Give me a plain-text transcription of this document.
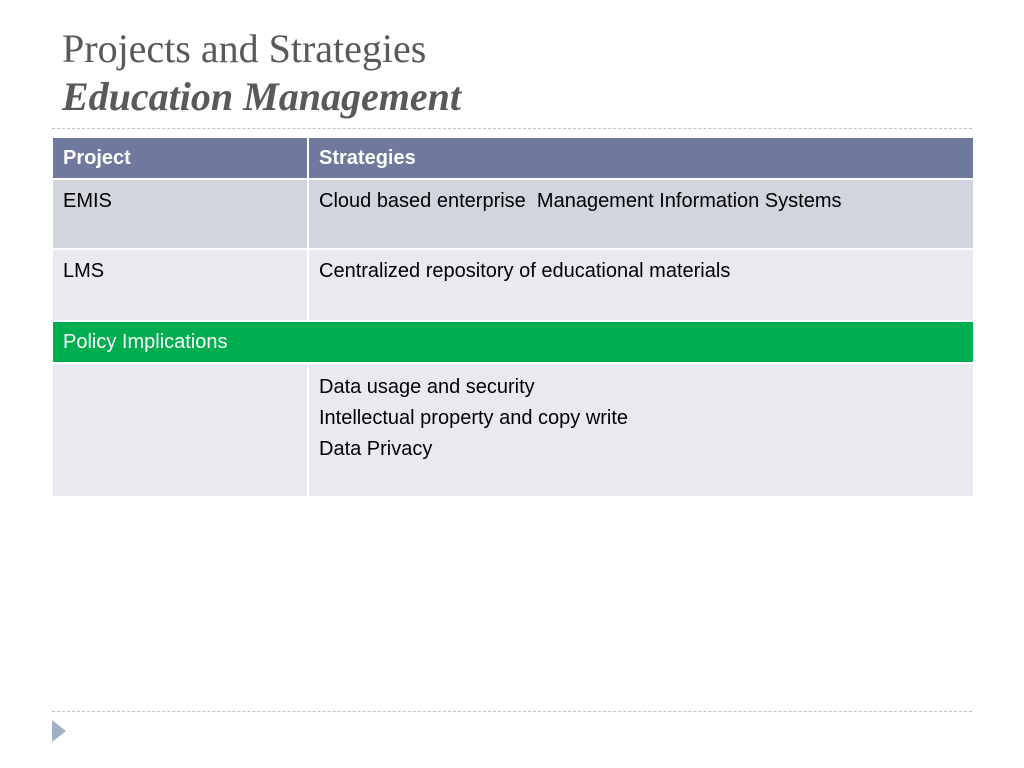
Projects and Strategies
Education Management
Project	Strategies
EMIS	Cloud based enterprise  Management Information Systems
LMS	Centralized repository of educational materials
Policy Implications	

	Data usage and security
Intellectual property and copy write
Data Privacy
